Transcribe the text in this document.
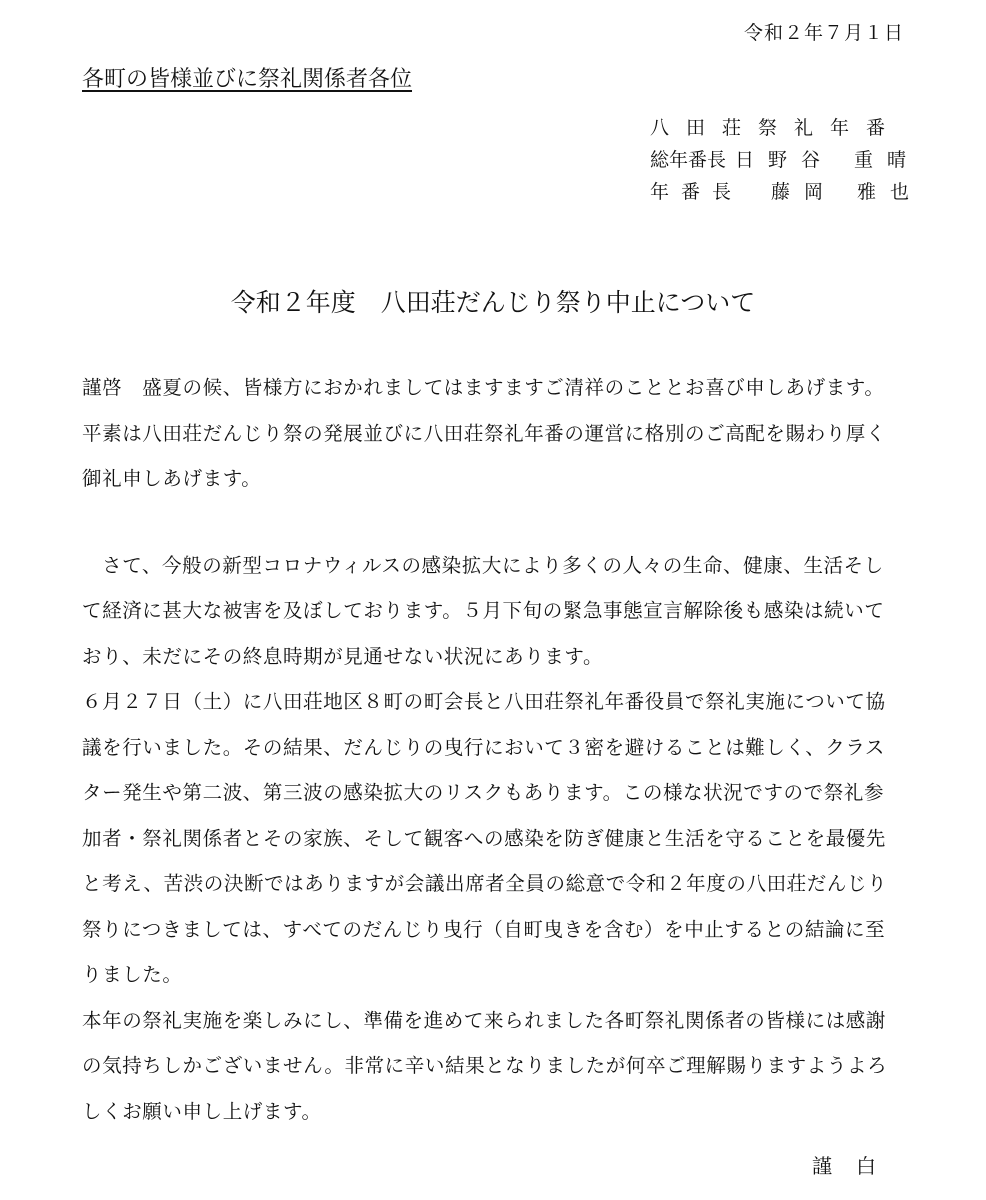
令和２年７月１日
各町の皆様並びに祭礼関係者各位
八田荘祭礼年番
総年番長 日野谷 重晴
年番長	藤岡 雅也
令和２年度　八田荘だんじり祭り中止について
謹啓　盛夏の候、皆様方におかれましてはますますご清祥のこととお喜び申しあげます。
平素は八田荘だんじり祭の発展並びに八田荘祭礼年番の運営に格別のご高配を賜わり厚く
御礼申しあげます。
　さて、今般の新型コロナウィルスの感染拡大により多くの人々の生命、健康、生活そし
て経済に甚大な被害を及ぼしております。５月下旬の緊急事態宣言解除後も感染は続いて
おり、未だにその終息時期が見通せない状況にあります。
６月２７日（土）に八田荘地区８町の町会長と八田荘祭礼年番役員で祭礼実施について協
議を行いました。その結果、だんじりの曳行において３密を避けることは難しく、クラス
ター発生や第二波、第三波の感染拡大のリスクもあります。この様な状況ですので祭礼参
加者・祭礼関係者とその家族、そして観客への感染を防ぎ健康と生活を守ることを最優先
と考え、苦渋の決断ではありますが会議出席者全員の総意で令和２年度の八田荘だんじり
祭りにつきましては、すべてのだんじり曳行（自町曳きを含む）を中止するとの結論に至
りました。
本年の祭礼実施を楽しみにし、準備を進めて来られました各町祭礼関係者の皆様には感謝
の気持ちしかございません。非常に辛い結果となりましたが何卒ご理解賜りますようよろ
しくお願い申し上げます。
謹白
